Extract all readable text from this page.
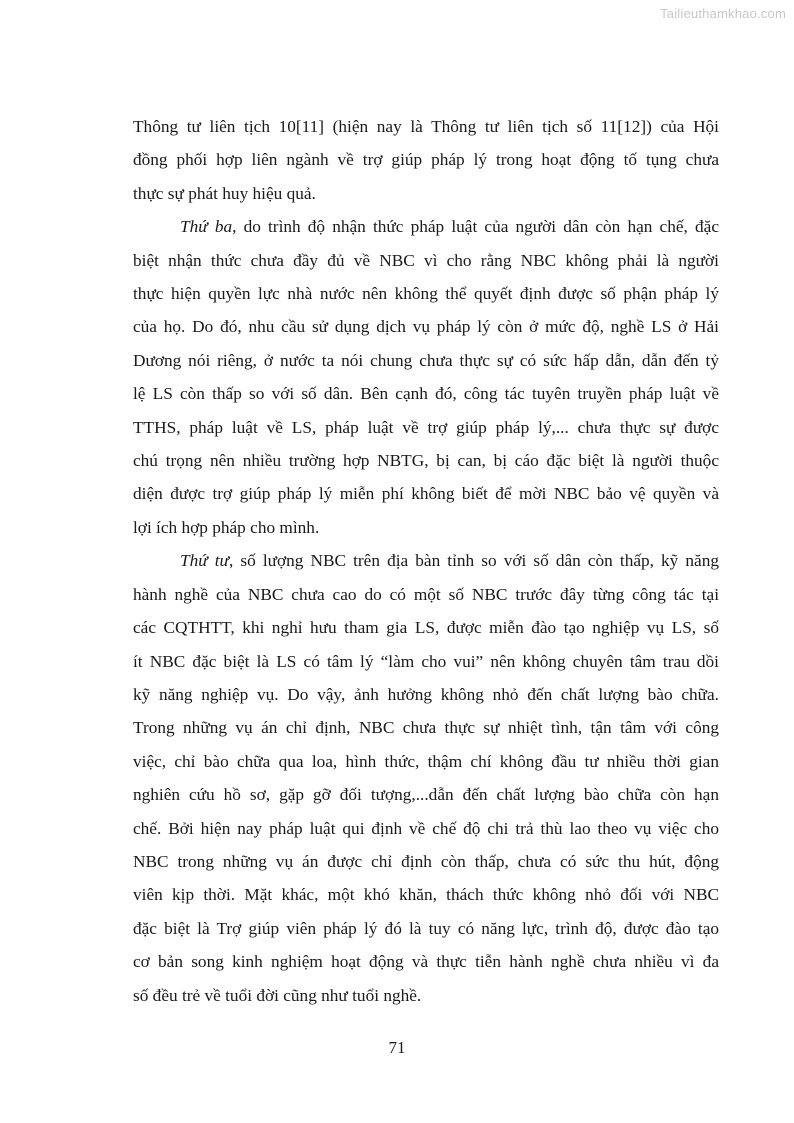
Tailieuthamkhao.com
Thông tư liên tịch 10[11] (hiện nay là Thông tư liên tịch số 11[12]) của Hội
đồng phối hợp liên ngành về trợ giúp pháp lý trong hoạt động tố tụng chưa
thực sự phát huy hiệu quả.
Thứ ba, do trình độ nhận thức pháp luật của người dân còn hạn chế, đặc
biệt nhận thức chưa đầy đủ về NBC vì cho rằng NBC không phải là người
thực hiện quyền lực nhà nước nên không thể quyết định được số phận pháp lý
của họ. Do đó, nhu cầu sử dụng dịch vụ pháp lý còn ở mức độ, nghề LS ở Hải
Dương nói riêng, ở nước ta nói chung chưa thực sự có sức hấp dẫn, dẫn đến tỷ
lệ LS còn thấp so với số dân. Bên cạnh đó, công tác tuyên truyền pháp luật về
TTHS, pháp luật về LS, pháp luật về trợ giúp pháp lý,... chưa thực sự được
chú trọng nên nhiều trường hợp NBTG, bị can, bị cáo đặc biệt là người thuộc
diện được trợ giúp pháp lý miễn phí không biết để mời NBC bảo vệ quyền và
lợi ích hợp pháp cho mình.
Thứ tư, số lượng NBC trên địa bàn tỉnh so với số dân còn thấp, kỹ năng
hành nghề của NBC chưa cao do có một số NBC trước đây từng công tác tại
các CQTHTT, khi nghỉ hưu tham gia LS, được miễn đào tạo nghiệp vụ LS, số
ít NBC đặc biệt là LS có tâm lý “làm cho vui” nên không chuyên tâm trau dồi
kỹ năng nghiệp vụ. Do vậy, ảnh hưởng không nhỏ đến chất lượng bào chữa.
Trong những vụ án chỉ định, NBC chưa thực sự nhiệt tình, tận tâm với công
việc, chỉ bào chữa qua loa, hình thức, thậm chí không đầu tư nhiều thời gian
nghiên cứu hồ sơ, gặp gỡ đối tượng,...dẫn đến chất lượng bào chữa còn hạn
chế. Bởi hiện nay pháp luật qui định về chế độ chi trả thù lao theo vụ việc cho
NBC trong những vụ án được chỉ định còn thấp, chưa có sức thu hút, động
viên kịp thời. Mặt khác, một khó khăn, thách thức không nhỏ đối với NBC
đặc biệt là Trợ giúp viên pháp lý đó là tuy có năng lực, trình độ, được đào tạo
cơ bản song kinh nghiệm hoạt động và thực tiễn hành nghề chưa nhiều vì đa
số đều trẻ về tuổi đời cũng như tuổi nghề.
71
